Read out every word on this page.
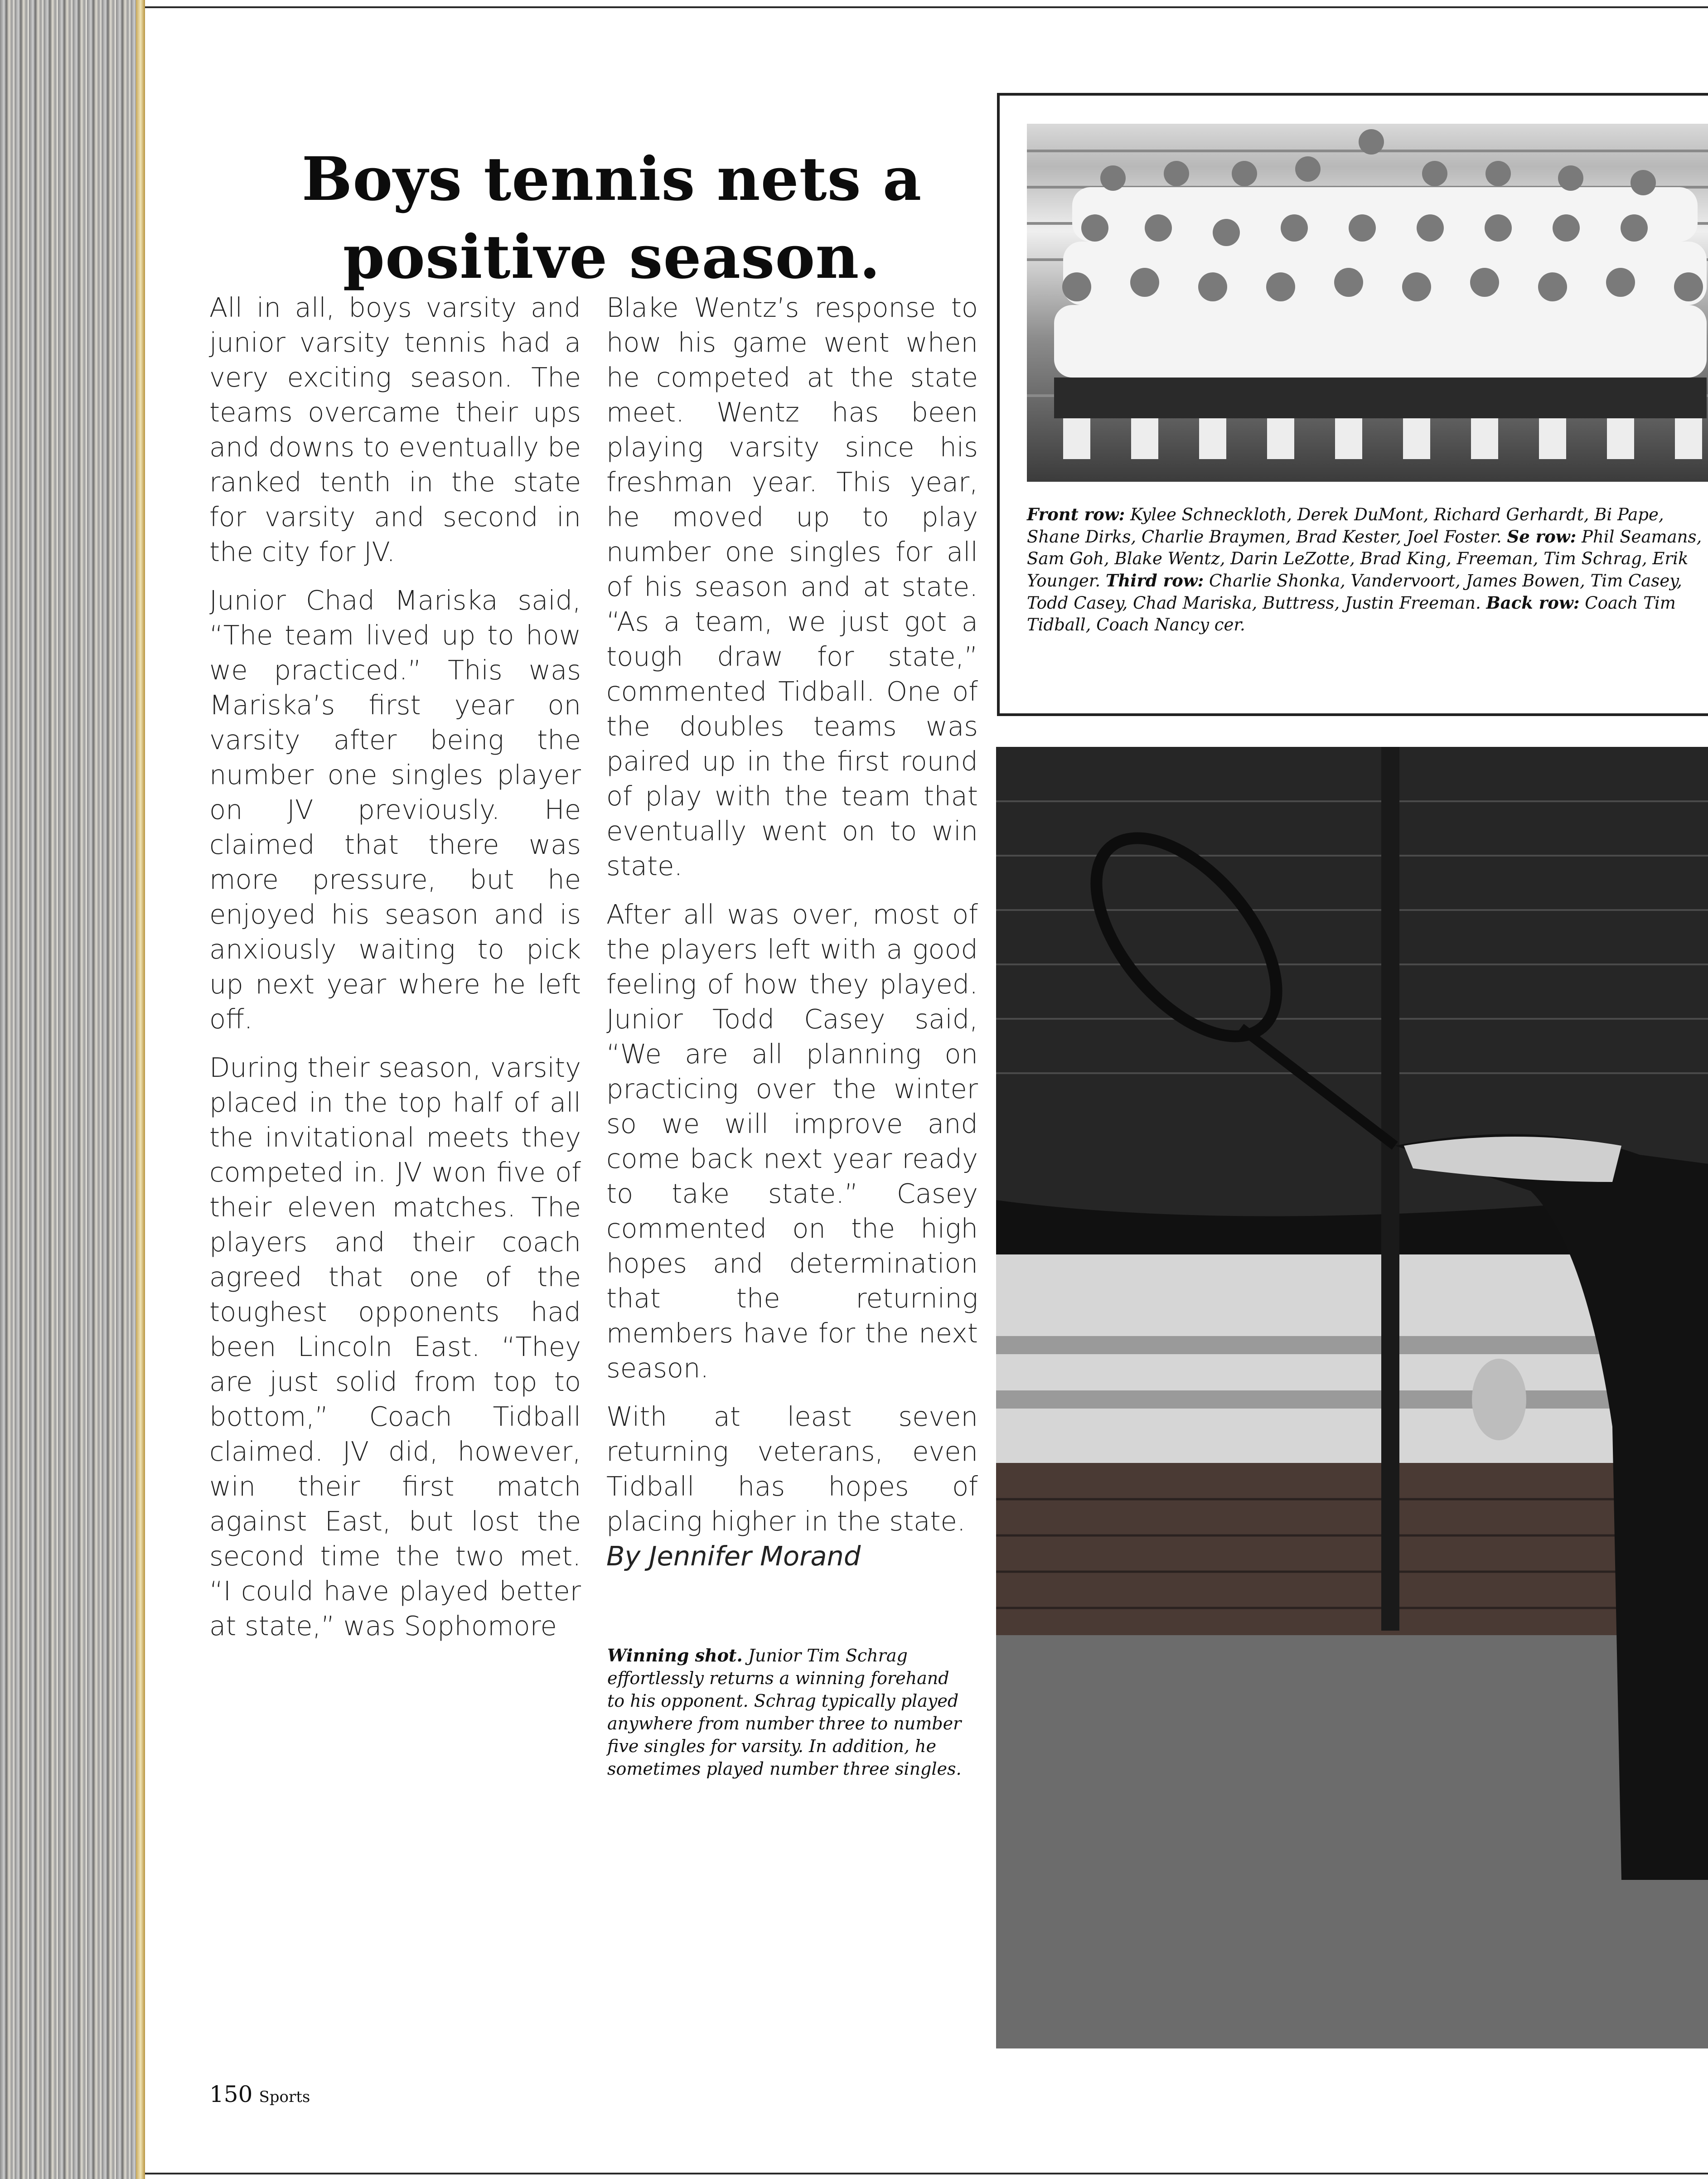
Boys tennis nets a
positive season.

All in all, boys varsity and junior varsity tennis had a very exciting season. The teams overcame their ups and downs to eventually be ranked tenth in the state for varsity and second in the city for JV.

Junior Chad Mariska said, “The team lived up to how we practiced.” This was Mariska’s first year on varsity after being the number one singles player on JV previously. He claimed that there was more pressure, but he enjoyed his season and is anxiously waiting to pick up next year where he left off.

During their season, varsity placed in the top half of all the invitational meets they competed in. JV won five of their eleven matches. The players and their coach agreed that one of the toughest opponents had been Lincoln East. “They are just solid from top to bottom,” Coach Tidball claimed. JV did, however, win their first match against East, but lost the second time the two met. “I could have played better at state,” was Sophomore

Blake Wentz’s response to how his game went when he competed at the state meet. Wentz has been playing varsity since his freshman year. This year, he moved up to play number one singles for all of his season and at state. “As a team, we just got a tough draw for state,” commented Tidball. One of the doubles teams was paired up in the first round of play with the team that eventually went on to win state.

After all was over, most of the players left with a good feeling of how they played. Junior Todd Casey said, “We are all planning on practicing over the winter so we will improve and come back next year ready to take state.” Casey commented on the high hopes and determination that the returning members have for the next season.

With at least seven returning veterans, even Tidball has hopes of placing higher in the state.
By Jennifer Morand

Front row: Kylee Schneckloth, Derek DuMont, Richard Gerhardt, Bi Pape, Shane Dirks, Charlie Braymen, Brad Kester, Joel Foster. Se row: Phil Seamans, Sam Goh, Blake Wentz, Darin LeZotte, Brad King, Freeman, Tim Schrag, Erik Younger. Third row: Charlie Shonka, Vandervoort, James Bowen, Tim Casey, Todd Casey, Chad Mariska, Buttress, Justin Freeman. Back row: Coach Tim Tidball, Coach Nancy cer.

Winning shot. Junior Tim Schrag effortlessly returns a winning forehand to his opponent. Schrag typically played anywhere from number three to number five singles for varsity. In addition, he sometimes played number three singles.

150 Sports
